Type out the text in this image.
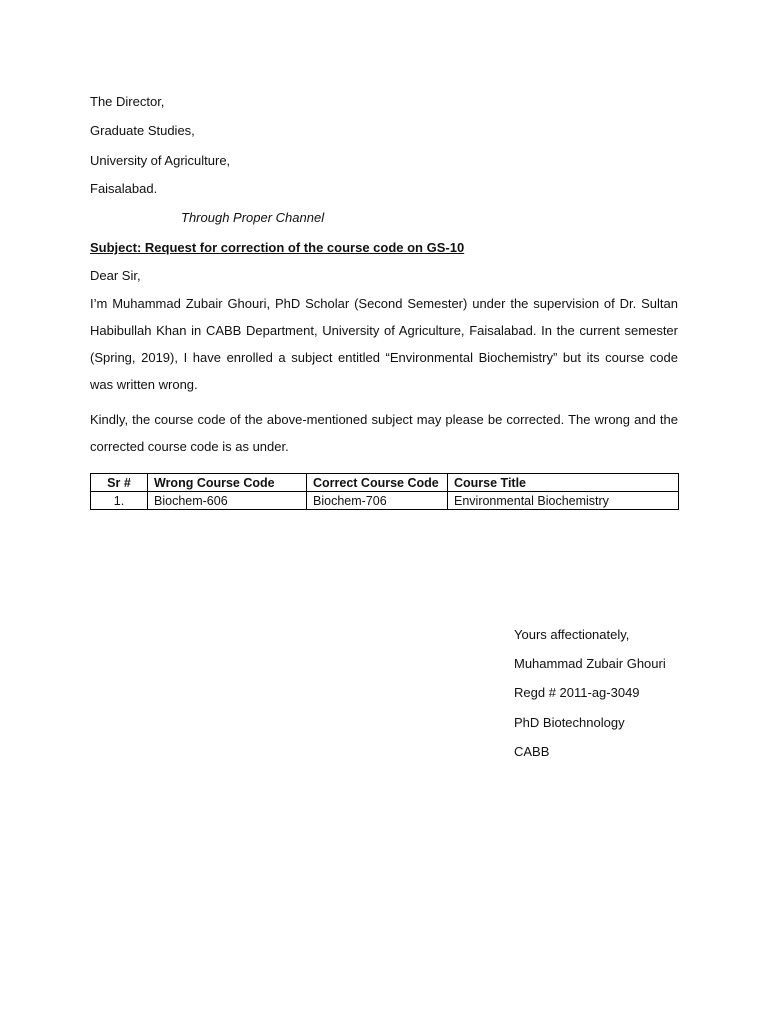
The Director,
Graduate Studies,
University of Agriculture,
Faisalabad.
Through Proper Channel
Subject: Request for correction of the course code on GS-10
Dear Sir,
I’m Muhammad Zubair Ghouri, PhD Scholar (Second Semester) under the supervision of Dr. Sultan Habibullah Khan in CABB Department, University of Agriculture, Faisalabad. In the current semester (Spring, 2019), I have enrolled a subject entitled “Environmental Biochemistry” but its course code was written wrong.
Kindly, the course code of the above-mentioned subject may please be corrected. The wrong and the corrected course code is as under.
Sr #	Wrong Course Code	Correct Course Code	Course Title
1.	Biochem-606	Biochem-706	Environmental Biochemistry
Yours affectionately,
Muhammad Zubair Ghouri
Regd # 2011-ag-3049
PhD Biotechnology
CABB
